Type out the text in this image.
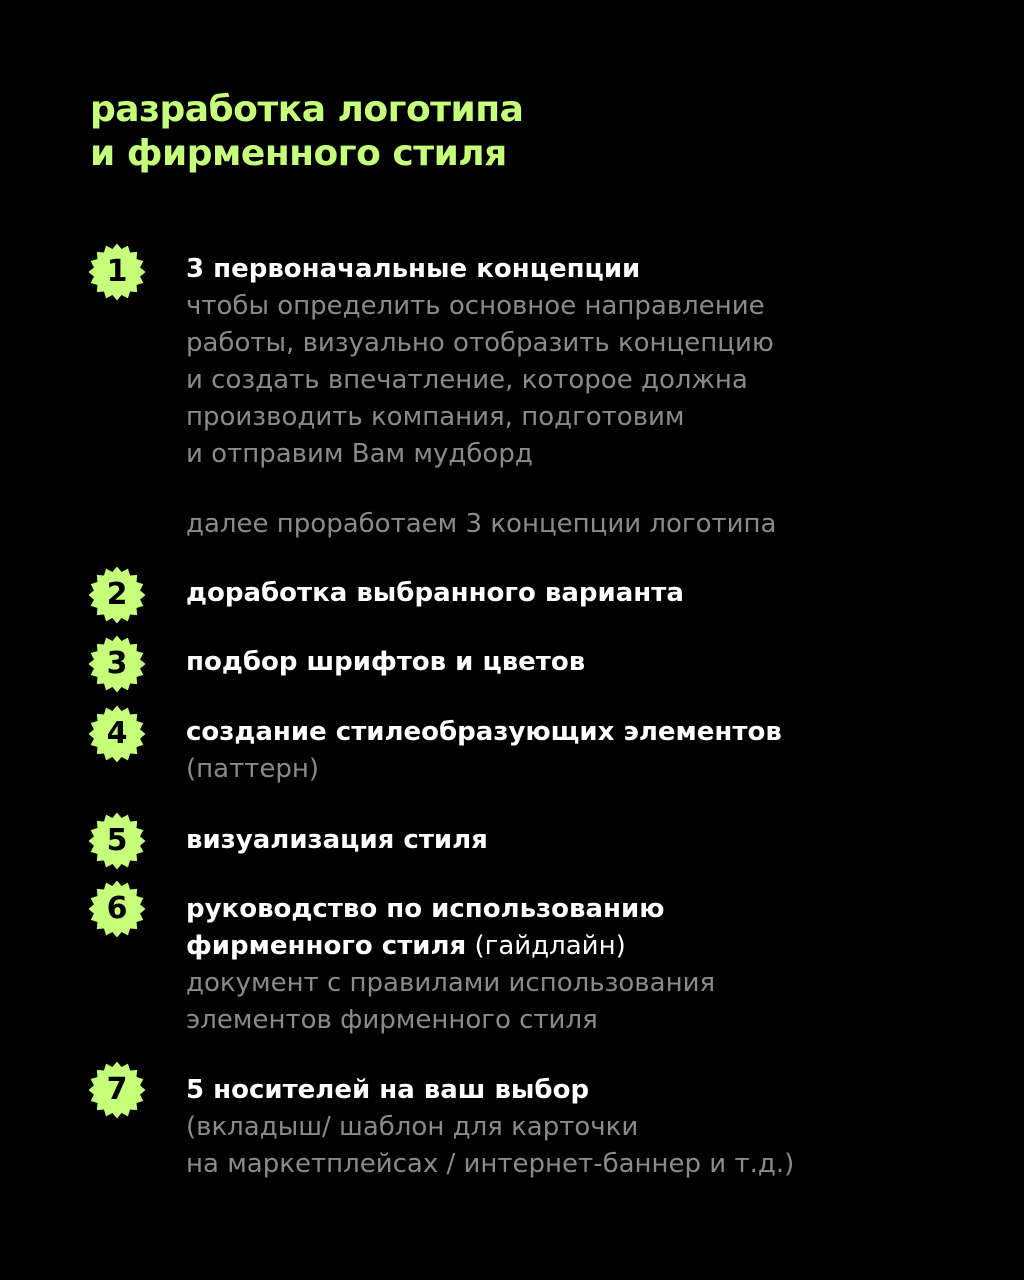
разработка логотипа
и фирменного стиля
1	3 первоначальные концепции
чтобы определить основное направление
работы, визуально отобразить концепцию
и создать впечатление, которое должна
производить компания, подготовим
и отправим Вам мудборд
далее проработаем 3 концепции логотипа
2	доработка выбранного варианта
3	подбор шрифтов и цветов
4	создание стилеобразующих элементов
(паттерн)
5	визуализация стиля
6	руководство по использованию
фирменного стиля (гайдлайн)
документ с правилами использования
элементов фирменного стиля
7	5 носителей на ваш выбор
(вкладыш/ шаблон для карточки
на маркетплейсах / интернет-баннер и т.д.)
